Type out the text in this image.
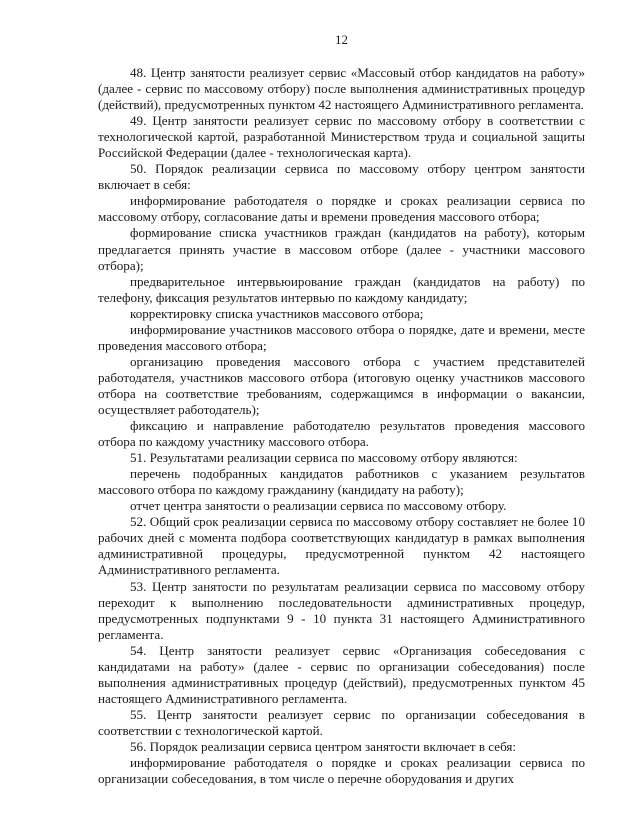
12

48. Центр занятости реализует сервис «Массовый отбор кандидатов на работу» (далее - сервис по массовому отбору) после выполнения административных процедур (действий), предусмотренных пунктом 42 настоящего Административного регламента.

49. Центр занятости реализует сервис по массовому отбору в соответствии с технологической картой, разработанной Министерством труда и социальной защиты Российской Федерации (далее - технологическая карта).

50. Порядок реализации сервиса по массовому отбору центром занятости включает в себя:

информирование работодателя о порядке и сроках реализации сервиса по массовому отбору, согласование даты и времени проведения массового отбора;

формирование списка участников граждан (кандидатов на работу), которым предлагается принять участие в массовом отборе (далее - участники массового отбора);

предварительное интервьюирование граждан (кандидатов на работу) по телефону, фиксация результатов интервью по каждому кандидату;

корректировку списка участников массового отбора;

информирование участников массового отбора о порядке, дате и времени, месте проведения массового отбора;

организацию проведения массового отбора с участием представителей работодателя, участников массового отбора (итоговую оценку участников массового отбора на соответствие требованиям, содержащимся в информации о вакансии, осуществляет работодатель);

фиксацию и направление работодателю результатов проведения массового отбора по каждому участнику массового отбора.

51. Результатами реализации сервиса по массовому отбору являются:

перечень подобранных кандидатов работников с указанием результатов массового отбора по каждому гражданину (кандидату на работу);

отчет центра занятости о реализации сервиса по массовому отбору.

52. Общий срок реализации сервиса по массовому отбору составляет не более 10 рабочих дней с момента подбора соответствующих кандидатур в рамках выполнения административной процедуры, предусмотренной пунктом 42 настоящего Административного регламента.

53. Центр занятости по результатам реализации сервиса по массовому отбору переходит к выполнению последовательности административных процедур, предусмотренных подпунктами 9 - 10 пункта 31 настоящего Административного регламента.

54. Центр занятости реализует сервис «Организация собеседования с кандидатами на работу» (далее - сервис по организации собеседования) после выполнения административных процедур (действий), предусмотренных пунктом 45 настоящего Административного регламента.

55. Центр занятости реализует сервис по организации собеседования в соответствии с технологической картой.

56. Порядок реализации сервиса центром занятости включает в себя:

информирование работодателя о порядке и сроках реализации сервиса по организации собеседования, в том числе о перечне оборудования и других
